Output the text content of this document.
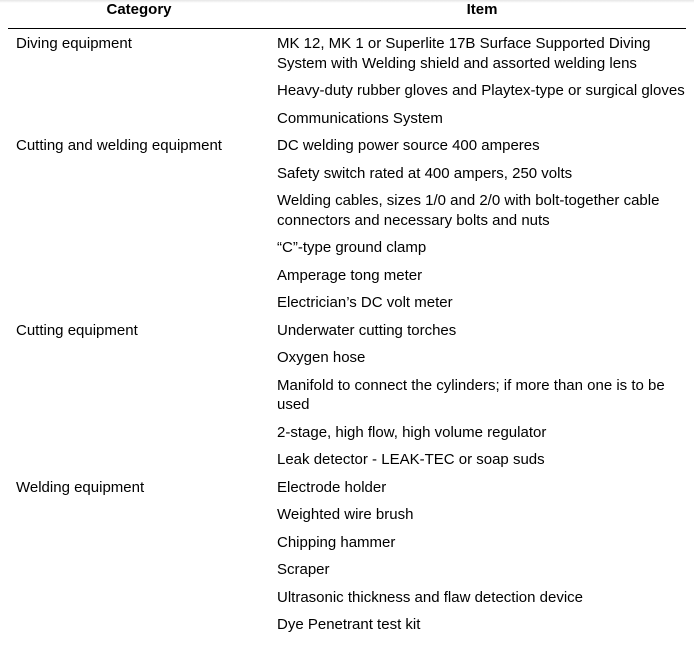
Category	Item
Diving equipment	MK 12, MK 1 or Superlite 17B Surface Supported Diving System with Welding shield and assorted welding lens
Heavy-duty rubber gloves and Playtex-type or surgical gloves
Communications System
Cutting and welding equipment	DC welding power source 400 amperes
Safety switch rated at 400 ampers, 250 volts
Welding cables, sizes 1/0 and 2/0 with bolt-together cable connectors and necessary bolts and nuts
“C”-type ground clamp
Amperage tong meter
Electrician’s DC volt meter
Cutting equipment	Underwater cutting torches
Oxygen hose
Manifold to connect the cylinders; if more than one is to be used
2-stage, high flow, high volume regulator
Leak detector - LEAK-TEC or soap suds
Welding equipment	Electrode holder
Weighted wire brush
Chipping hammer
Scraper
Ultrasonic thickness and flaw detection device
Dye Penetrant test kit
